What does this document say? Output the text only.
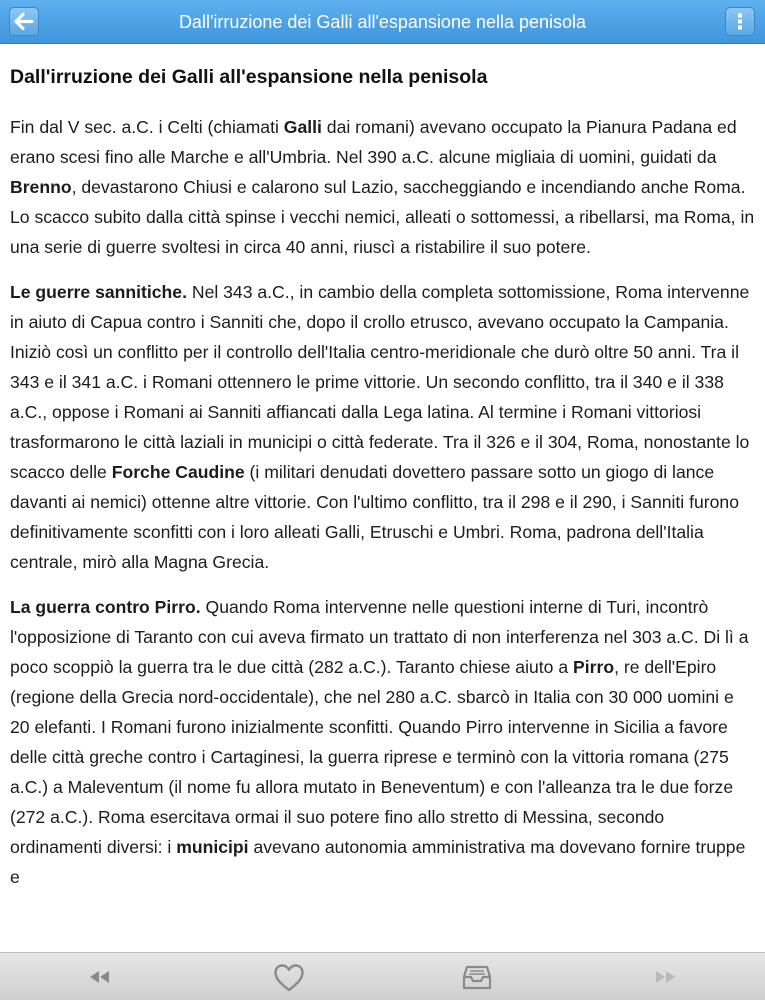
Dall'irruzione dei Galli all'espansione nella penisola
Dall'irruzione dei Galli all'espansione nella penisola

Fin dal V sec. a.C. i Celti (chiamati Galli dai romani) avevano occupato la Pianura Padana ed erano scesi fino alle Marche e all'Umbria. Nel 390 a.C. alcune migliaia di uomini, guidati da Brenno, devastarono Chiusi e calarono sul Lazio, saccheggiando e incendiando anche Roma. Lo scacco subito dalla città spinse i vecchi nemici, alleati o sottomessi, a ribellarsi, ma Roma, in una serie di guerre svoltesi in circa 40 anni, riuscì a ristabilire il suo potere.

Le guerre sannitiche. Nel 343 a.C., in cambio della completa sottomissione, Roma intervenne in aiuto di Capua contro i Sanniti che, dopo il crollo etrusco, avevano occupato la Campania. Iniziò così un conflitto per il controllo dell'Italia centro-meridionale che durò oltre 50 anni. Tra il 343 e il 341 a.C. i Romani ottennero le prime vittorie. Un secondo conflitto, tra il 340 e il 338 a.C., oppose i Romani ai Sanniti affiancati dalla Lega latina. Al termine i Romani vittoriosi trasformarono le città laziali in municipi o città federate. Tra il 326 e il 304, Roma, nonostante lo scacco delle Forche Caudine (i militari denudati dovettero passare sotto un giogo di lance davanti ai nemici) ottenne altre vittorie. Con l'ultimo conflitto, tra il 298 e il 290, i Sanniti furono definitivamente sconfitti con i loro alleati Galli, Etruschi e Umbri. Roma, padrona dell'Italia centrale, mirò alla Magna Grecia.

La guerra contro Pirro. Quando Roma intervenne nelle questioni interne di Turi, incontrò l'opposizione di Taranto con cui aveva firmato un trattato di non interferenza nel 303 a.C. Di lì a poco scoppiò la guerra tra le due città (282 a.C.). Taranto chiese aiuto a Pirro, re dell'Epiro (regione della Grecia nord-occidentale), che nel 280 a.C. sbarcò in Italia con 30 000 uomini e 20 elefanti. I Romani furono inizialmente sconfitti. Quando Pirro intervenne in Sicilia a favore delle città greche contro i Cartaginesi, la guerra riprese e terminò con la vittoria romana (275 a.C.) a Maleventum (il nome fu allora mutato in Beneventum) e con l'alleanza tra le due forze (272 a.C.). Roma esercitava ormai il suo potere fino allo stretto di Messina, secondo ordinamenti diversi: i municipi avevano autonomia amministrativa ma dovevano fornire truppe e
